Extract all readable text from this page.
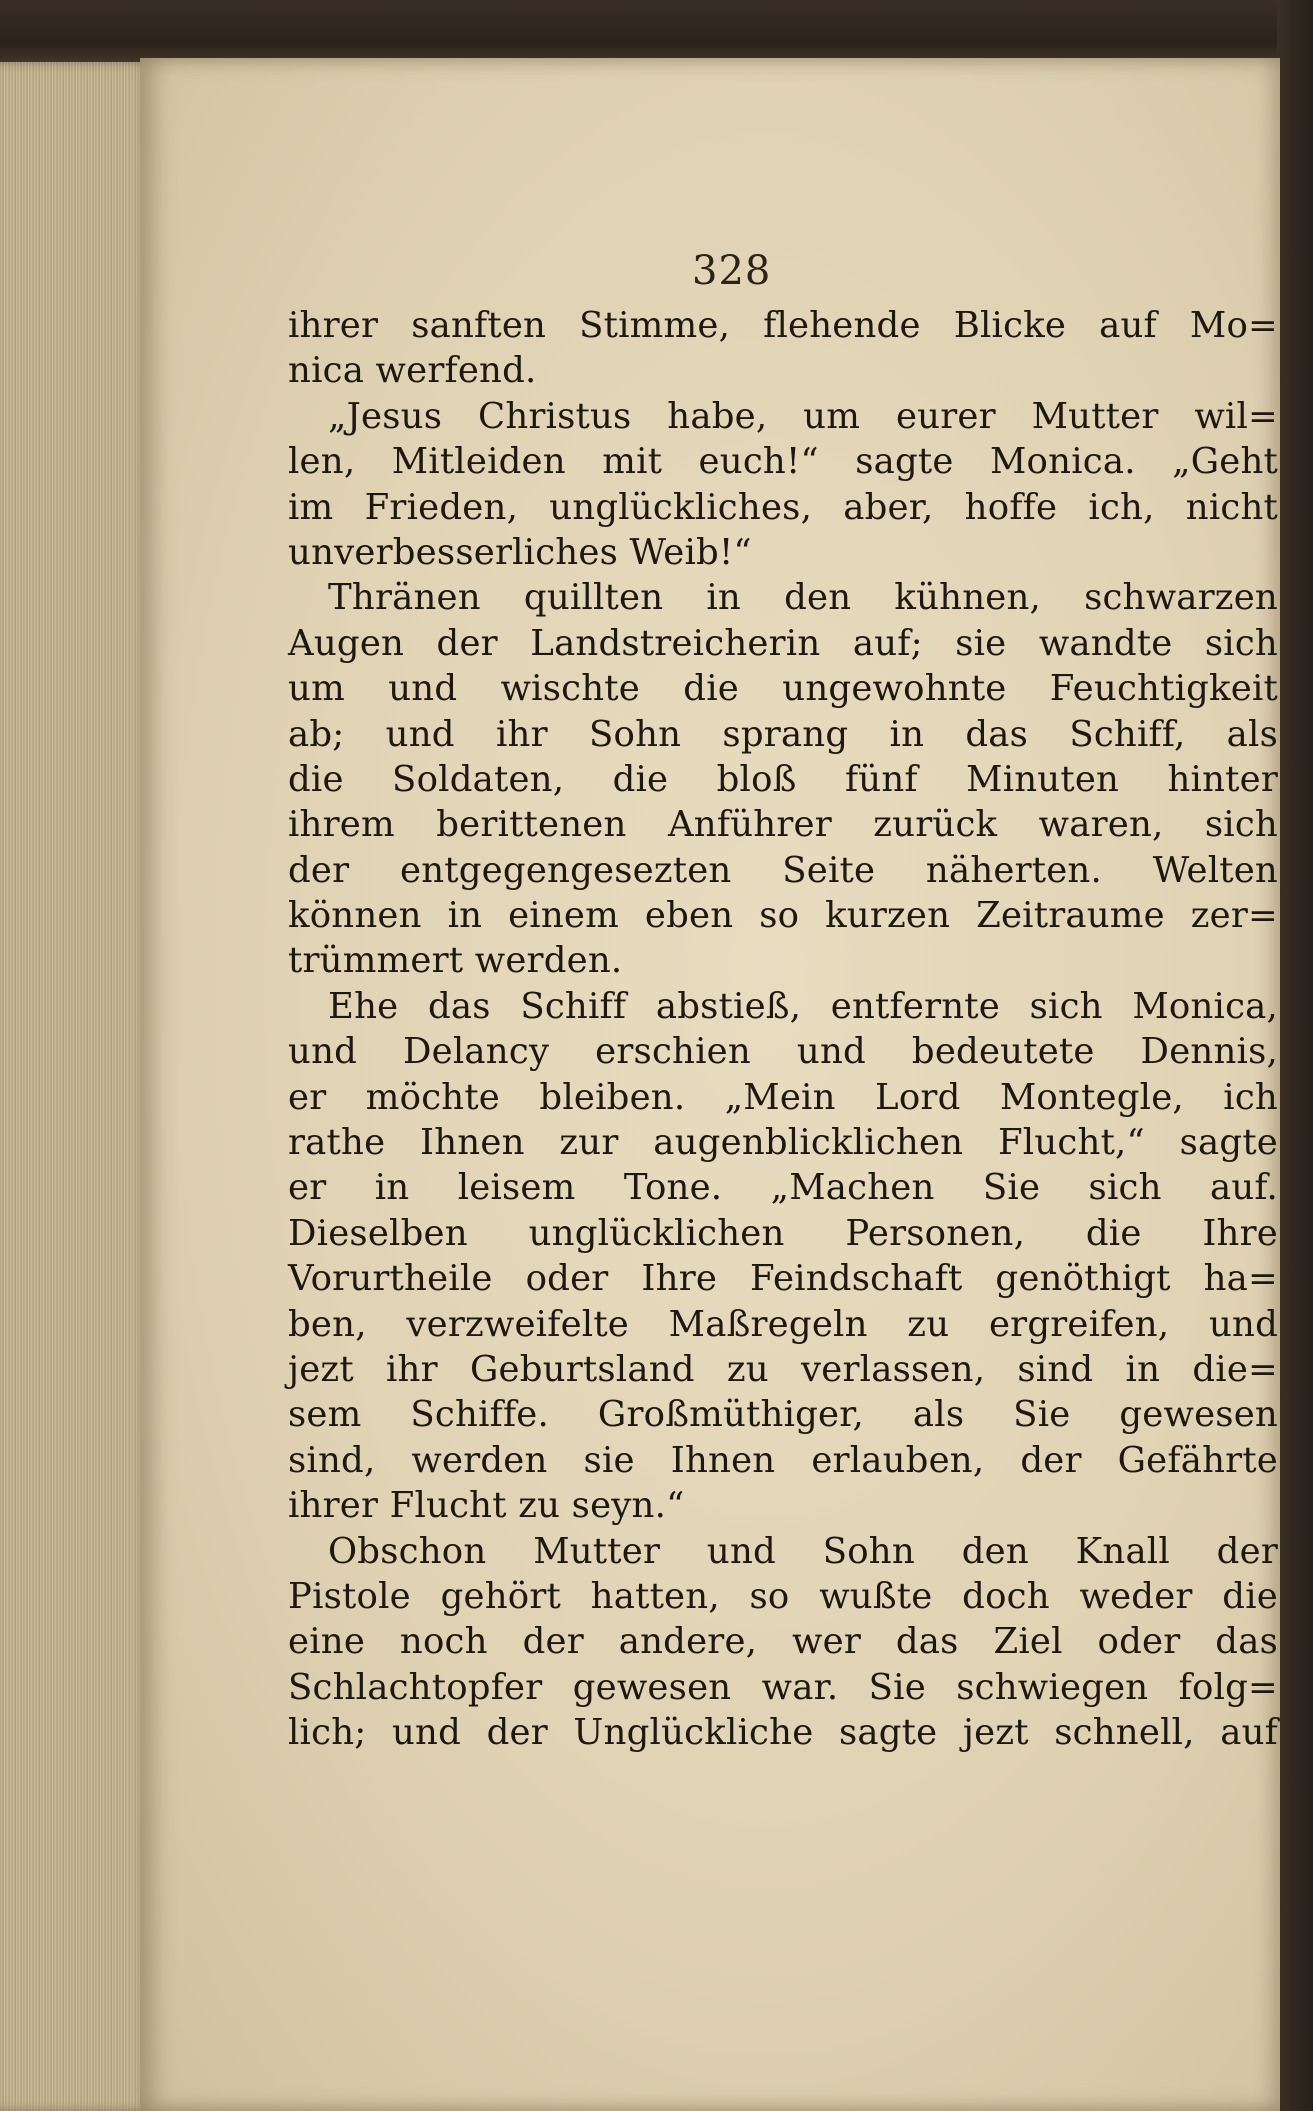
328
ihrer sanften Stimme, flehende Blicke auf Mo=
nica werfend.
„Jesus Christus habe, um eurer Mutter wil=
len, Mitleiden mit euch!“ sagte Monica. „Geht
im Frieden, unglückliches, aber, hoffe ich, nicht
unverbesserliches Weib!“
Thränen quillten in den kühnen, schwarzen
Augen der Landstreicherin auf; sie wandte sich
um und wischte die ungewohnte Feuchtigkeit
ab; und ihr Sohn sprang in das Schiff, als
die Soldaten, die bloß fünf Minuten hinter
ihrem berittenen Anführer zurück waren, sich
der entgegengesezten Seite näherten. Welten
können in einem eben so kurzen Zeitraume zer=
trümmert werden.
Ehe das Schiff abstieß, entfernte sich Monica,
und Delancy erschien und bedeutete Dennis,
er möchte bleiben. „Mein Lord Montegle, ich
rathe Ihnen zur augenblicklichen Flucht,“ sagte
er in leisem Tone. „Machen Sie sich auf.
Dieselben unglücklichen Personen, die Ihre
Vorurtheile oder Ihre Feindschaft genöthigt ha=
ben, verzweifelte Maßregeln zu ergreifen, und
jezt ihr Geburtsland zu verlassen, sind in die=
sem Schiffe. Großmüthiger, als Sie gewesen
sind, werden sie Ihnen erlauben, der Gefährte
ihrer Flucht zu seyn.“
Obschon Mutter und Sohn den Knall der
Pistole gehört hatten, so wußte doch weder die
eine noch der andere, wer das Ziel oder das
Schlachtopfer gewesen war. Sie schwiegen folg=
lich; und der Unglückliche sagte jezt schnell, auf
